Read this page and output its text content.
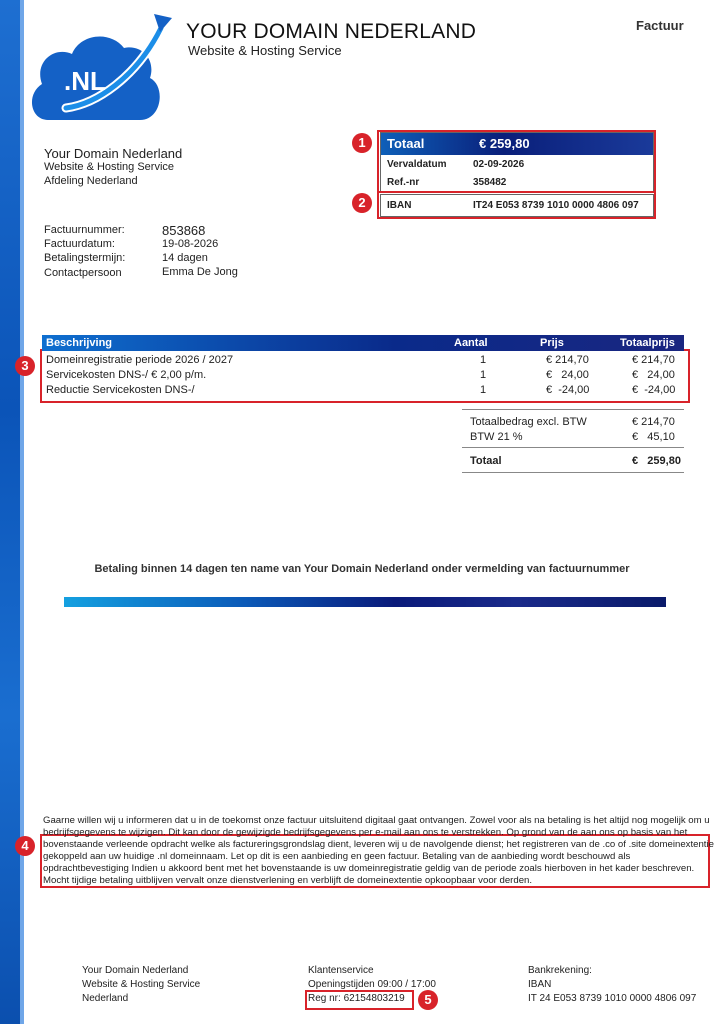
.NL
YOUR DOMAIN NEDERLAND
Website & Hosting Service
Factuur
Your Domain Nederland
Website & Hosting Service
Afdeling Nederland
Totaal	€ 259,80
Vervaldatum	02-09-2026
Ref.-nr	358482
IBAN	IT24 E053 8739 1010 0000 4806 097
1
2
3
4
5
Factuurnummer:	853868
Factuurdatum:	19-08-2026
Betalingstermijn:	14 dagen
Contactpersoon	Emma De Jong
Beschrijving	Aantal	Prijs	Totaalprijs
Domeinregistratie periode 2026 / 2027	1	€ 214,70	€ 214,70
Servicekosten DNS-/ € 2,00 p/m.	1	€   24,00	€   24,00
Reductie Servicekosten DNS-/	1	€  -24,00	€  -24,00
Totaalbedrag excl. BTW	€ 214,70
BTW 21 %	€   45,10
Totaal	€   259,80
Betaling binnen 14 dagen ten name van Your Domain Nederland onder vermelding van factuurnummer

Gaarne willen wij u informeren dat u in de toekomst onze factuur uitsluitend digitaal gaat ontvangen. Zowel voor als na betaling is het altijd nog mogelijk om u bedrijfsgegevens te wijzigen. Dit kan door de gewijzigde bedrijfsgegevens per e-mail aan ons te verstrekken. Op grond van de aan ons op basis van het

bovenstaande verleende opdracht welke als factureringsgrondslag dient, leveren wij u de navolgende dienst; het registreren van de .co of .site domeinextentie gekoppeld aan uw huidige .nl domeinnaam. Let op dit is een aanbieding en geen factuur. Betaling van de aanbieding wordt beschouwd als opdrachtbevestiging Indien u akkoord bent met het bovenstaande is uw domeinregistratie geldig van de periode zoals hierboven in het kader beschreven.

Mocht tijdige betaling uitblijven vervalt onze dienstverlening en verblijft de domeinextentie opkoopbaar voor derden.

Your Domain Nederland
Website & Hosting Service
Nederland
Klantenservice
Openingstijden 09:00 / 17:00
Reg nr: 62154803219
Bankrekening:
IBAN
IT 24 E053 8739 1010 0000 4806 097
